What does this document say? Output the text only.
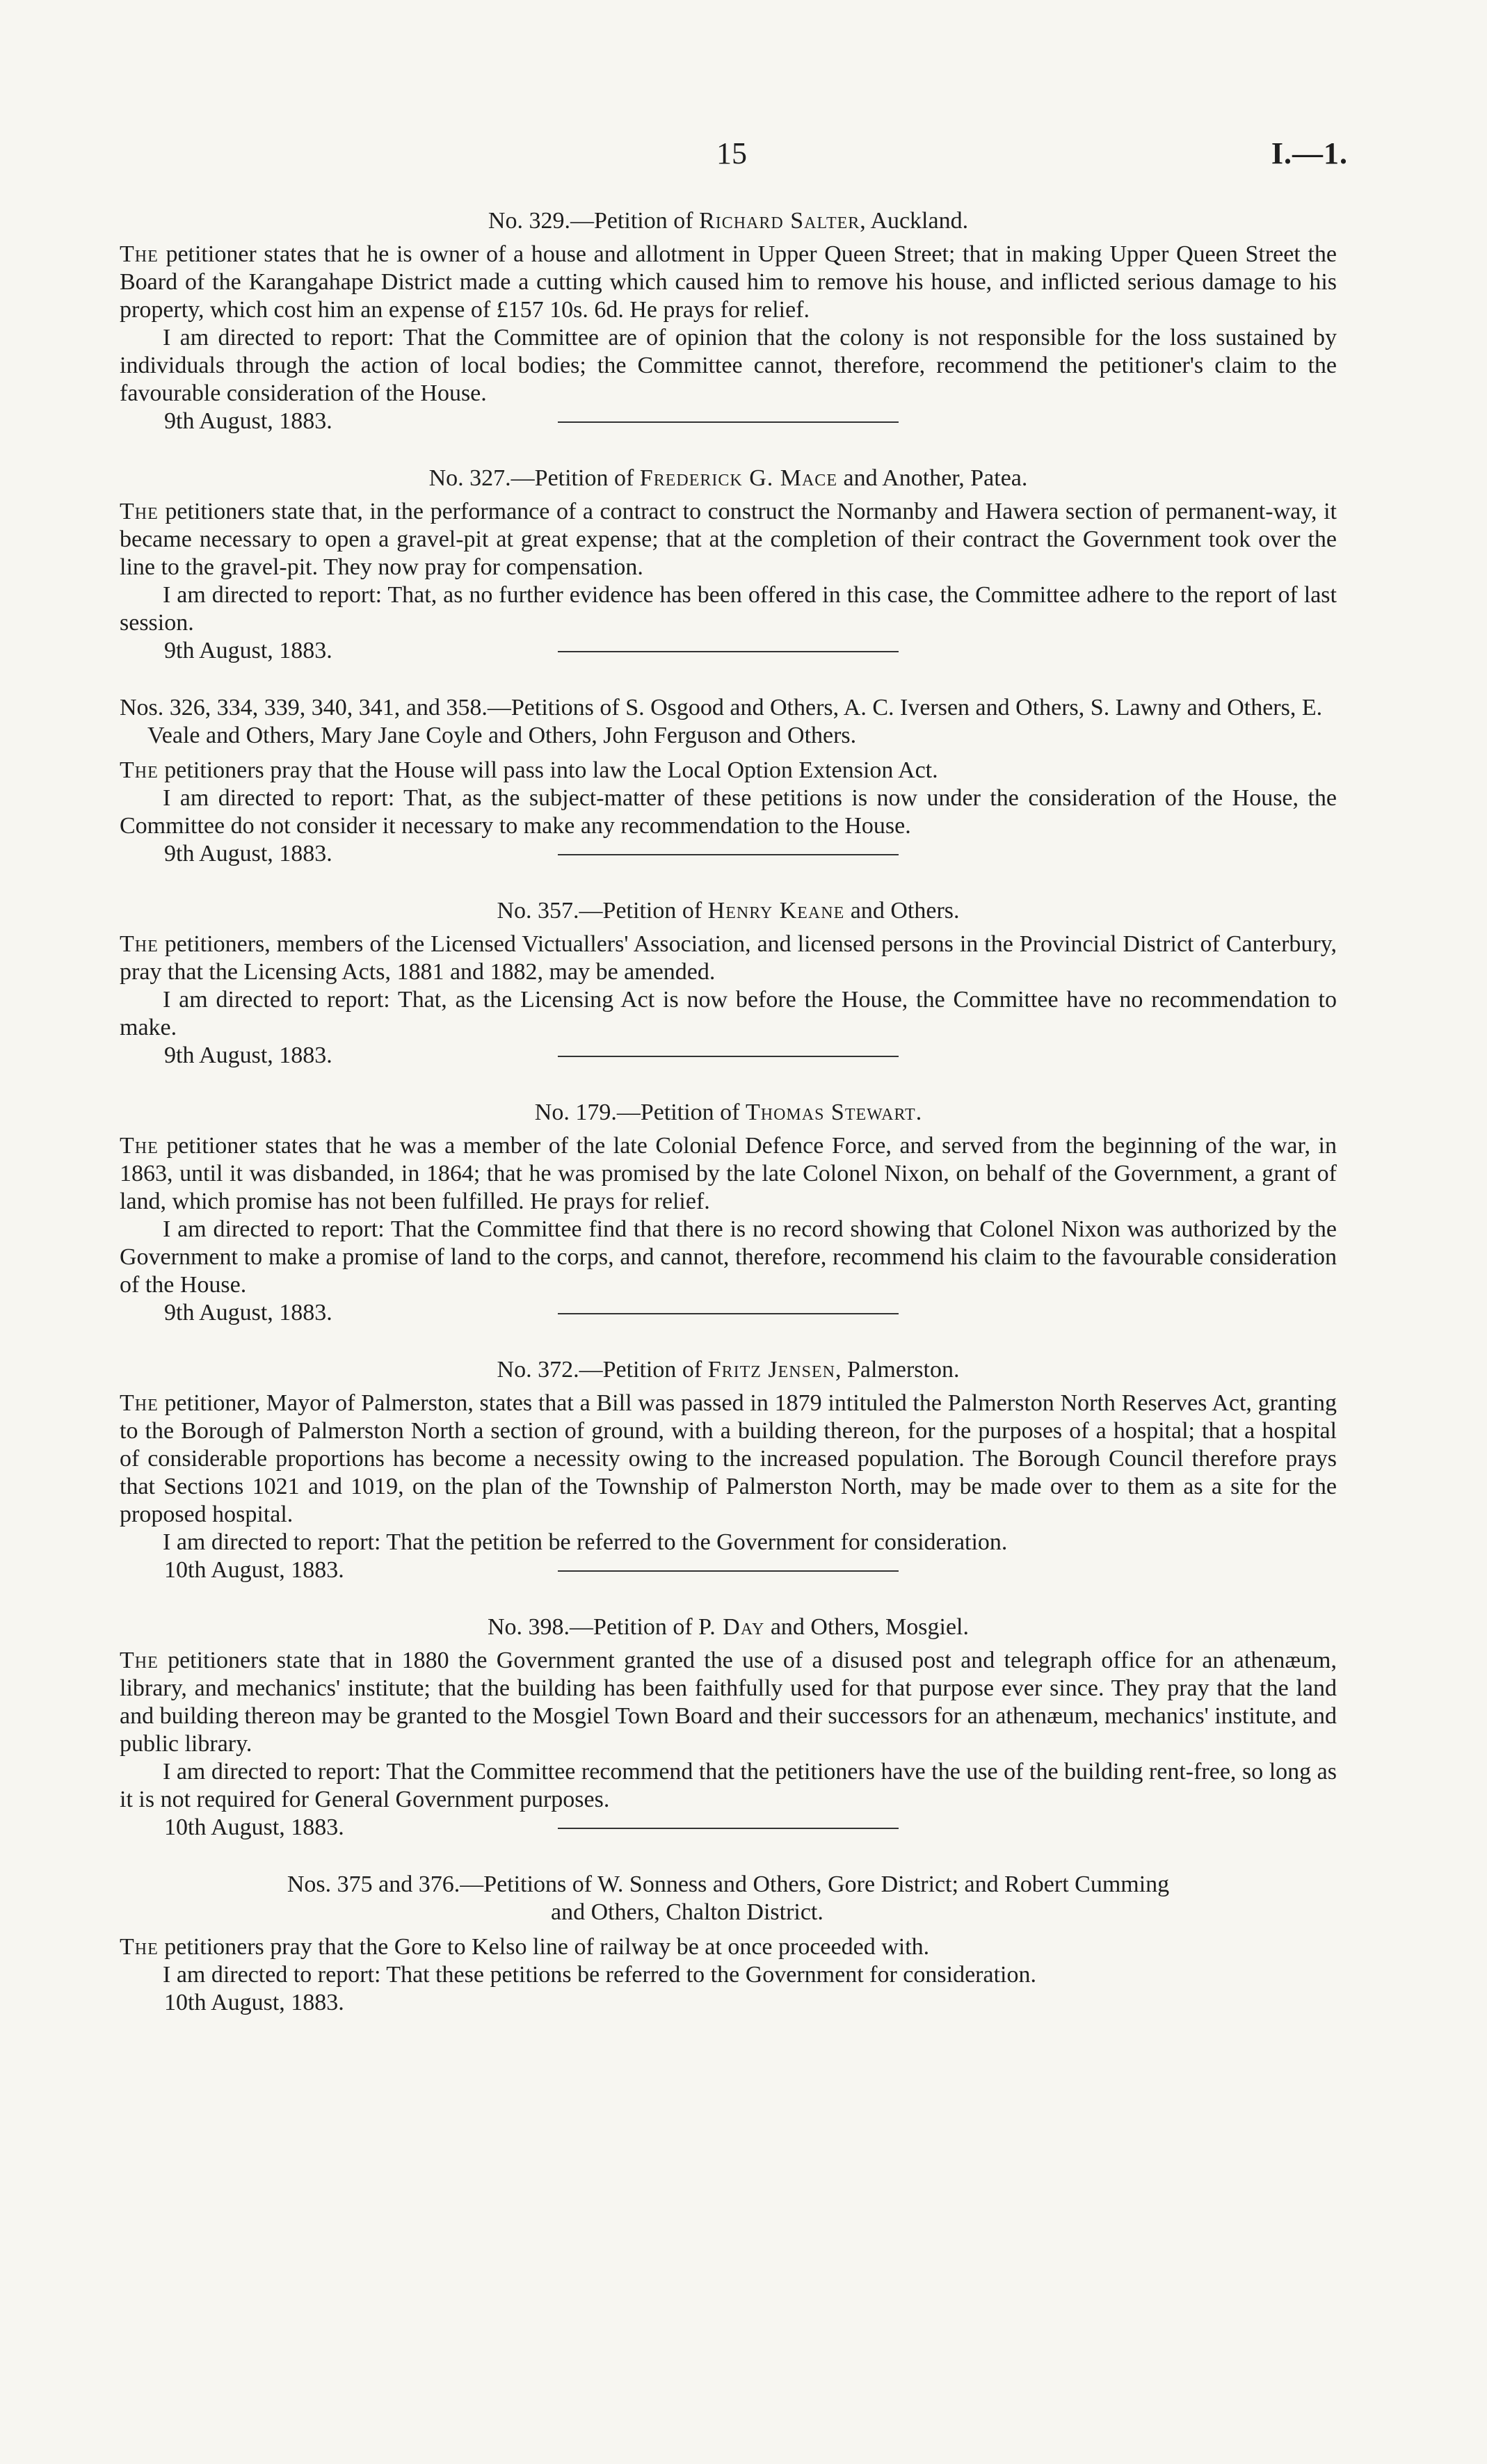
15	I.—1.

No. 329.—Petition of Richard Salter, Auckland.

The petitioner states that he is owner of a house and allotment in Upper Queen Street; that in making Upper Queen Street the Board of the Karangahape District made a cutting which caused him to remove his house, and inflicted serious damage to his property, which cost him an expense of £157 10s. 6d. He prays for relief.

I am directed to report: That the Committee are of opinion that the colony is not responsible for the loss sustained by individuals through the action of local bodies; the Committee cannot, therefore, recommend the petitioner's claim to the favourable consideration of the House.

9th August, 1883.

No. 327.—Petition of Frederick G. Mace and Another, Patea.

The petitioners state that, in the performance of a contract to construct the Normanby and Hawera section of permanent-way, it became necessary to open a gravel-pit at great expense; that at the completion of their contract the Government took over the line to the gravel-pit. They now pray for compensation.

I am directed to report: That, as no further evidence has been offered in this case, the Committee adhere to the report of last session.

9th August, 1883.

Nos. 326, 334, 339, 340, 341, and 358.—Petitions of S. Osgood and Others, A. C. Iversen and Others, S. Lawny and Others, E. Veale and Others, Mary Jane Coyle and Others, John Ferguson and Others.

The petitioners pray that the House will pass into law the Local Option Extension Act.

I am directed to report: That, as the subject-matter of these petitions is now under the consideration of the House, the Committee do not consider it necessary to make any recommendation to the House.

9th August, 1883.

No. 357.—Petition of Henry Keane and Others.

The petitioners, members of the Licensed Victuallers' Association, and licensed persons in the Provincial District of Canterbury, pray that the Licensing Acts, 1881 and 1882, may be amended.

I am directed to report: That, as the Licensing Act is now before the House, the Committee have no recommendation to make.

9th August, 1883.

No. 179.—Petition of Thomas Stewart.

The petitioner states that he was a member of the late Colonial Defence Force, and served from the beginning of the war, in 1863, until it was disbanded, in 1864; that he was promised by the late Colonel Nixon, on behalf of the Government, a grant of land, which promise has not been fulfilled. He prays for relief.

I am directed to report: That the Committee find that there is no record showing that Colonel Nixon was authorized by the Government to make a promise of land to the corps, and cannot, therefore, recommend his claim to the favourable consideration of the House.

9th August, 1883.

No. 372.—Petition of Fritz Jensen, Palmerston.

The petitioner, Mayor of Palmerston, states that a Bill was passed in 1879 intituled the Palmerston North Reserves Act, granting to the Borough of Palmerston North a section of ground, with a building thereon, for the purposes of a hospital; that a hospital of considerable proportions has become a necessity owing to the increased population. The Borough Council therefore prays that Sections 1021 and 1019, on the plan of the Township of Palmerston North, may be made over to them as a site for the proposed hospital.

I am directed to report: That the petition be referred to the Government for consideration.

10th August, 1883.

No. 398.—Petition of P. Day and Others, Mosgiel.

The petitioners state that in 1880 the Government granted the use of a disused post and telegraph office for an athenæum, library, and mechanics' institute; that the building has been faithfully used for that purpose ever since. They pray that the land and building thereon may be granted to the Mosgiel Town Board and their successors for an athenæum, mechanics' institute, and public library.

I am directed to report: That the Committee recommend that the petitioners have the use of the building rent-free, so long as it is not required for General Government purposes.

10th August, 1883.

Nos. 375 and 376.—Petitions of W. Sonness and Others, Gore District; and Robert Cumming
and Others, Chalton District.

The petitioners pray that the Gore to Kelso line of railway be at once proceeded with.

I am directed to report: That these petitions be referred to the Government for consideration.

10th August, 1883.
